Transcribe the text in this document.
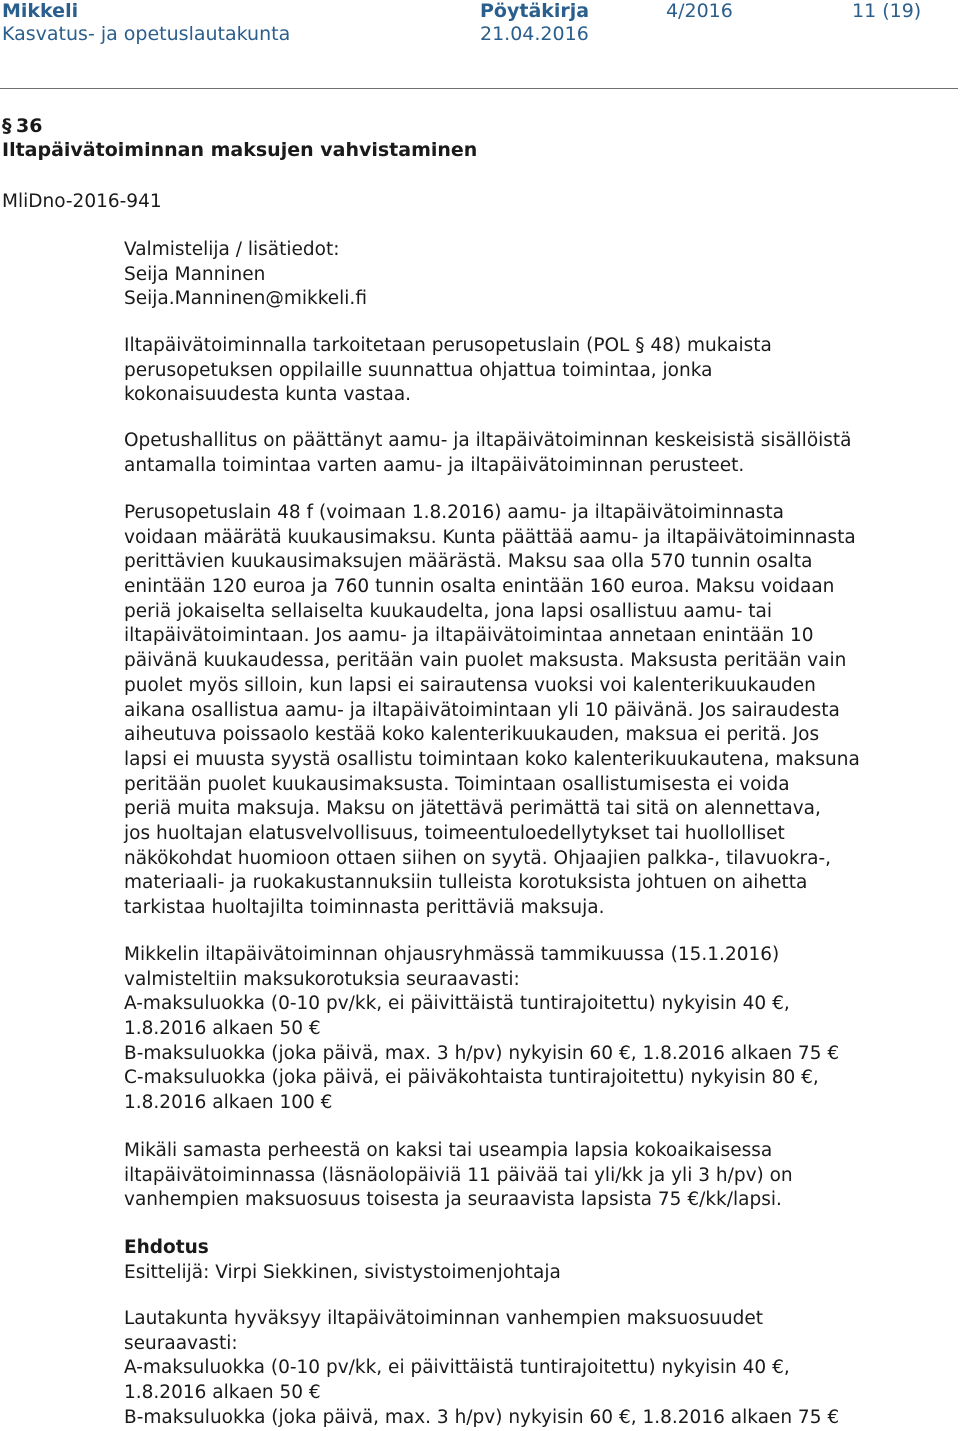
Mikkeli	Pöytäkirja	4/2016	11 (19)
Kasvatus- ja opetuslautakunta	21.04.2016
§ 36
Iltapäivätoiminnan maksujen vahvistaminen
MliDno-2016-941
Valmistelija / lisätiedot:
Seija Manninen
Seija.Manninen@mikkeli.fi
Iltapäivätoiminnalla tarkoitetaan perusopetuslain (POL § 48) mukaista
perusopetuksen oppilaille suunnattua ohjattua toimintaa, jonka
kokonaisuudesta kunta vastaa.
Opetushallitus on päättänyt aamu- ja iltapäivätoiminnan keskeisistä sisällöistä
antamalla toimintaa varten aamu- ja iltapäivätoiminnan perusteet.
Perusopetuslain 48 f (voimaan 1.8.2016) aamu- ja iltapäivätoiminnasta
voidaan määrätä kuukausimaksu. Kunta päättää aamu- ja iltapäivätoiminnasta
perittävien kuukausimaksujen määrästä. Maksu saa olla 570 tunnin osalta
enintään 120 euroa ja 760 tunnin osalta enintään 160 euroa. Maksu voidaan
periä jokaiselta sellaiselta kuukaudelta, jona lapsi osallistuu aamu- tai
iltapäivätoimintaan. Jos aamu- ja iltapäivätoimintaa annetaan enintään 10
päivänä kuukaudessa, peritään vain puolet maksusta. Maksusta peritään vain
puolet myös silloin, kun lapsi ei sairautensa vuoksi voi kalenterikuukauden
aikana osallistua aamu- ja iltapäivätoimintaan yli 10 päivänä. Jos sairaudesta
aiheutuva poissaolo kestää koko kalenterikuukauden, maksua ei peritä. Jos
lapsi ei muusta syystä osallistu toimintaan koko kalenterikuukautena, maksuna
peritään puolet kuukausimaksusta. Toimintaan osallistumisesta ei voida
periä muita maksuja. Maksu on jätettävä perimättä tai sitä on alennettava,
jos huoltajan elatusvelvollisuus, toimeentuloedellytykset tai huollolliset
näkökohdat huomioon ottaen siihen on syytä. Ohjaajien palkka-, tilavuokra-,
materiaali- ja ruokakustannuksiin tulleista korotuksista johtuen on aihetta
tarkistaa huoltajilta toiminnasta perittäviä maksuja.
Mikkelin iltapäivätoiminnan ohjausryhmässä tammikuussa (15.1.2016)
valmisteltiin maksukorotuksia seuraavasti:
A-maksuluokka (0-10 pv/kk, ei päivittäistä tuntirajoitettu) nykyisin 40 €,
1.8.2016 alkaen 50 €
B-maksuluokka (joka päivä, max. 3 h/pv) nykyisin 60 €, 1.8.2016 alkaen 75 €
C-maksuluokka (joka päivä, ei päiväkohtaista tuntirajoitettu) nykyisin 80 €,
1.8.2016 alkaen 100 €
Mikäli samasta perheestä on kaksi tai useampia lapsia kokoaikaisessa
iltapäivätoiminnassa (läsnäolopäiviä 11 päivää tai yli/kk ja yli 3 h/pv) on
vanhempien maksuosuus toisesta ja seuraavista lapsista 75 €/kk/lapsi.
Ehdotus
Esittelijä: Virpi Siekkinen, sivistystoimenjohtaja
Lautakunta hyväksyy iltapäivätoiminnan vanhempien maksuosuudet
seuraavasti:
A-maksuluokka (0-10 pv/kk, ei päivittäistä tuntirajoitettu) nykyisin 40 €,
1.8.2016 alkaen 50 €
B-maksuluokka (joka päivä, max. 3 h/pv) nykyisin 60 €, 1.8.2016 alkaen 75 €
